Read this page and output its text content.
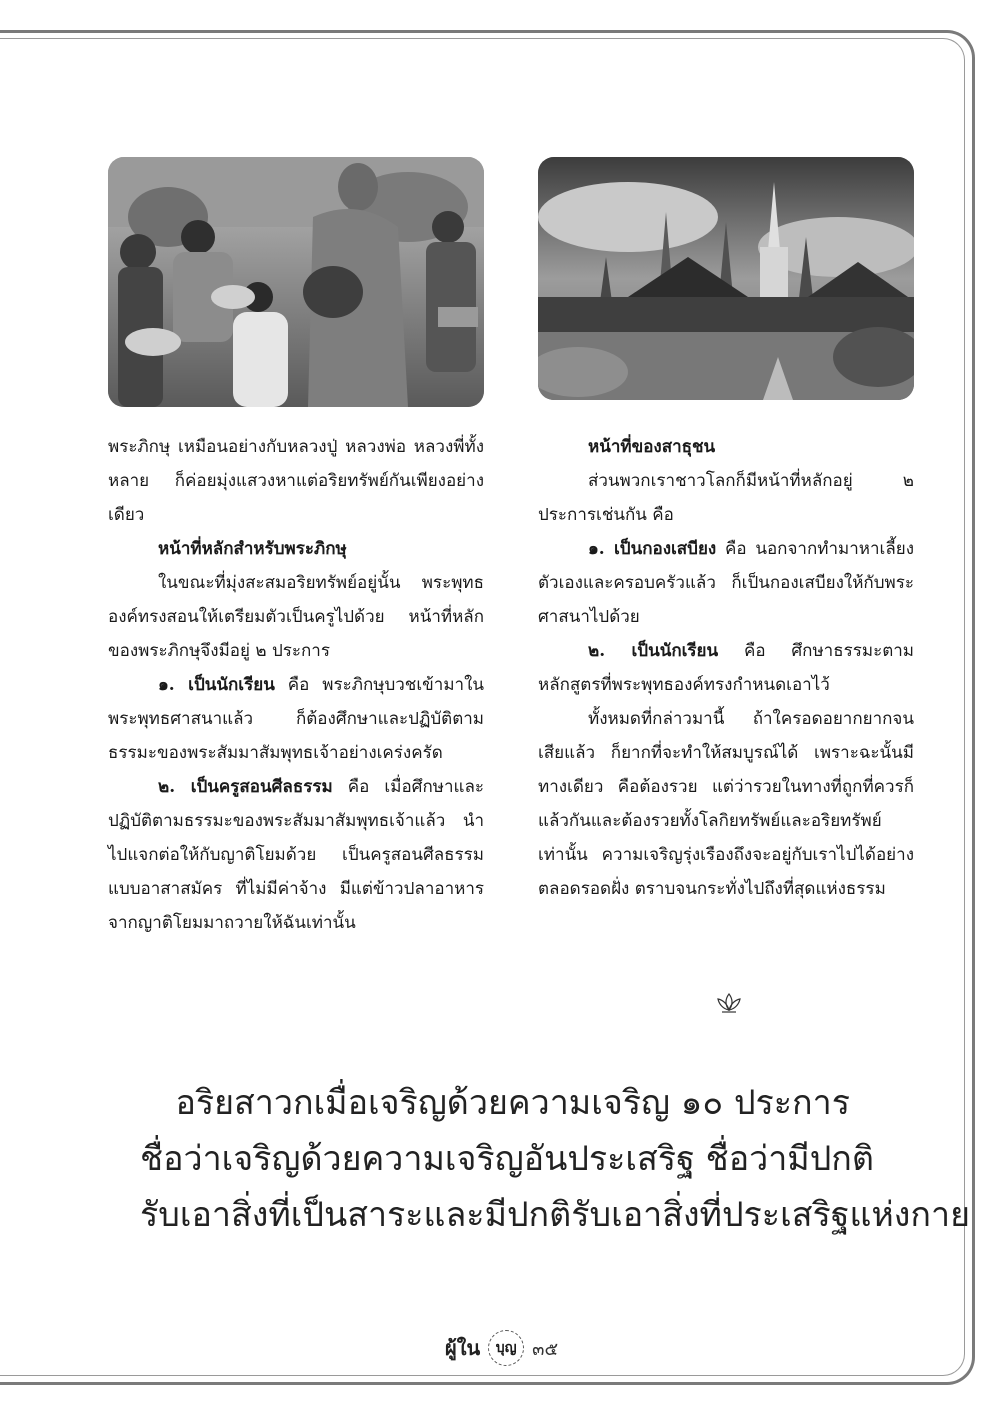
พระภิกษุ เหมือนอย่างกับหลวงปู่ หลวงพ่อ หลวงพี่ทั้งหลาย ก็ค่อยมุ่งแสวงหาแต่อริยทรัพย์กันเพียงอย่างเดียว

หน้าที่หลักสำหรับพระภิกษุ

ในขณะที่มุ่งสะสมอริยทรัพย์อยู่นั้น พระพุทธองค์ทรงสอนให้เตรียมตัวเป็นครูไปด้วย หน้าที่หลักของพระภิกษุจึงมีอยู่ ๒ ประการ

๑. เป็นนักเรียน คือ พระภิกษุบวชเข้ามาในพระพุทธศาสนาแล้ว ก็ต้องศึกษาและปฏิบัติตามธรรมะของพระสัมมาสัมพุทธเจ้าอย่างเคร่งครัด

๒. เป็นครูสอนศีลธรรม คือ เมื่อศึกษาและปฏิบัติตามธรรมะของพระสัมมาสัมพุทธเจ้าแล้ว นำไปแจกต่อให้กับญาติโยมด้วย เป็นครูสอนศีลธรรมแบบอาสาสมัคร ที่ไม่มีค่าจ้าง มีแต่ข้าวปลาอาหารจากญาติโยมมาถวายให้ฉันเท่านั้น

หน้าที่ของสาธุชน

ส่วนพวกเราชาวโลกก็มีหน้าที่หลักอยู่ ๒ ประการเช่นกัน คือ

๑. เป็นกองเสบียง คือ นอกจากทำมาหาเลี้ยงตัวเองและครอบครัวแล้ว ก็เป็นกองเสบียงให้กับพระศาสนาไปด้วย

๒. เป็นนักเรียน คือ ศึกษาธรรมะตามหลักสูตรที่พระพุทธองค์ทรงกำหนดเอาไว้

ทั้งหมดที่กล่าวมานี้ ถ้าใครอดอยากยากจนเสียแล้ว ก็ยากที่จะทำให้สมบูรณ์ได้ เพราะฉะนั้นมีทางเดียว คือต้องรวย แต่ว่ารวยในทางที่ถูกที่ควรก็แล้วกันและต้องรวยทั้งโลกิยทรัพย์และอริยทรัพย์เท่านั้น ความเจริญรุ่งเรืองถึงจะอยู่กับเราไปได้อย่างตลอดรอดฝั่ง ตราบจนกระทั่งไปถึงที่สุดแห่งธรรม

อริยสาวกเมื่อเจริญด้วยความเจริญ ๑๐ ประการ
ชื่อว่าเจริญด้วยความเจริญอันประเสริฐ ชื่อว่ามีปกติ
รับเอาสิ่งที่เป็นสาระและมีปกติรับเอาสิ่งที่ประเสริฐแห่งกาย
ผู้ใน	บุญ ๓๕
